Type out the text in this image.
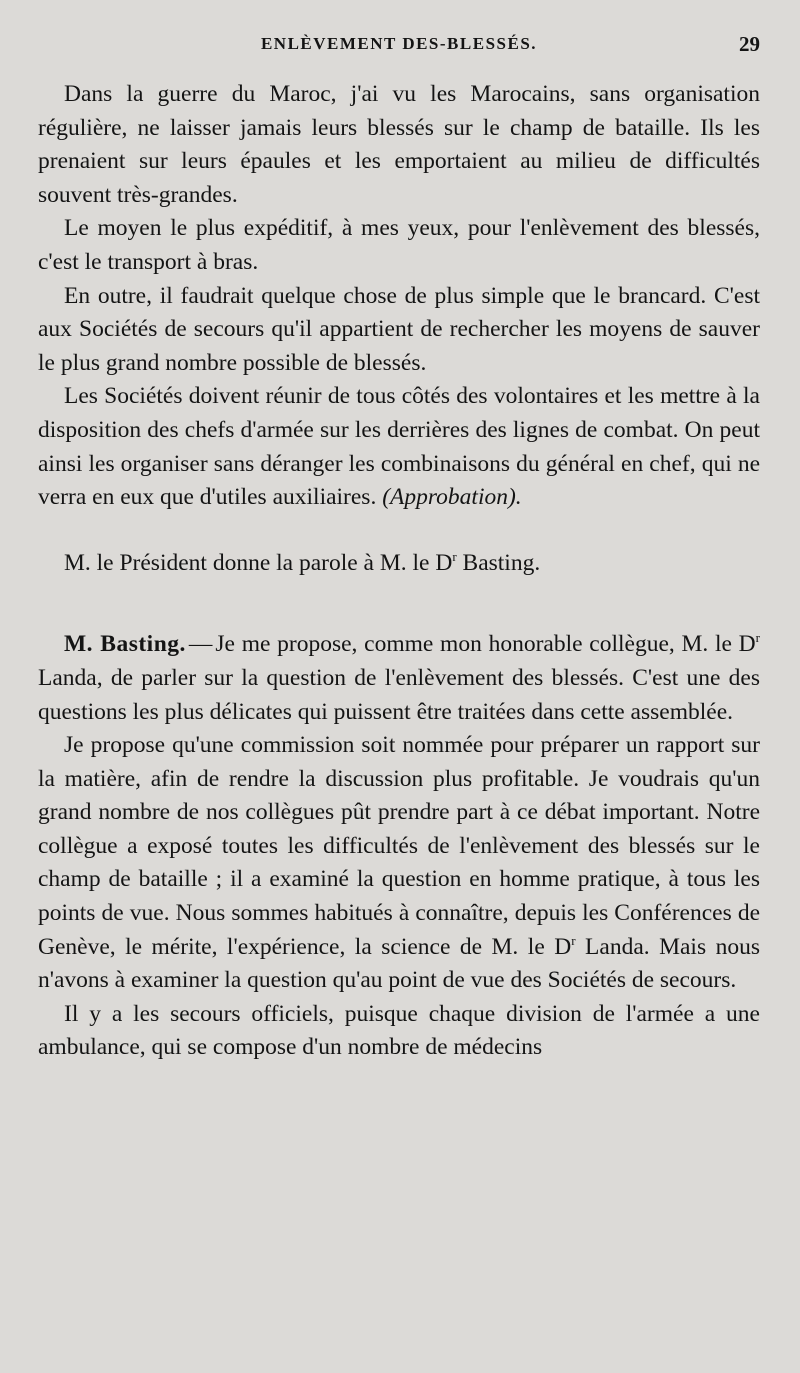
ENLÈVEMENT DES-BLESSÉS.	29

Dans la guerre du Maroc, j'ai vu les Marocains, sans organisation régulière, ne laisser jamais leurs blessés sur le champ de bataille. Ils les prenaient sur leurs épaules et les emportaient au milieu de difficultés souvent très-grandes.

Le moyen le plus expéditif, à mes yeux, pour l'enlèvement des blessés, c'est le transport à bras.

En outre, il faudrait quelque chose de plus simple que le brancard. C'est aux Sociétés de secours qu'il appartient de rechercher les moyens de sauver le plus grand nombre possible de blessés.

Les Sociétés doivent réunir de tous côtés des volontaires et les mettre à la disposition des chefs d'armée sur les derrières des lignes de combat. On peut ainsi les organiser sans déranger les combinaisons du général en chef, qui ne verra en eux que d'utiles auxiliaires. (Approbation).

M. le Président donne la parole à M. le $D^r$ Basting.

M. Basting. — Je me propose, comme mon honorable collègue, M. le $D^r$ Landa, de parler sur la question de l'enlèvement des blessés. C'est une des questions les plus délicates qui puissent être traitées dans cette assemblée.

Je propose qu'une commission soit nommée pour préparer un rapport sur la matière, afin de rendre la discussion plus profitable. Je voudrais qu'un grand nombre de nos collègues pût prendre part à ce débat important. Notre collègue a exposé toutes les difficultés de l'enlèvement des blessés sur le champ de bataille ; il a examiné la question en homme pratique, à tous les points de vue. Nous sommes habitués à connaître, depuis les Conférences de Genève, le mérite, l'expérience, la science de M. le $D^r$ Landa. Mais nous n'avons à examiner la question qu'au point de vue des Sociétés de secours.

Il y a les secours officiels, puisque chaque division de l'armée a une ambulance, qui se compose d'un nombre de médecins
